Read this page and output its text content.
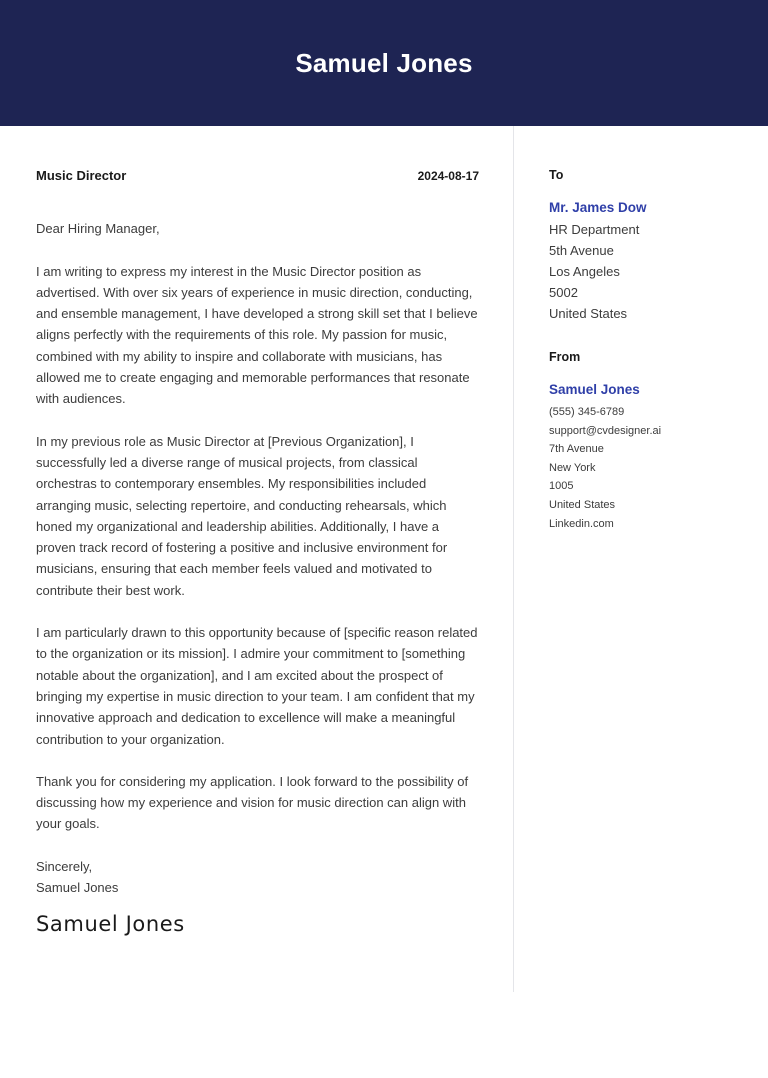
Samuel Jones
Music Director	2024-08-17

Dear Hiring Manager,

I am writing to express my interest in the Music Director position as advertised. With over six years of experience in music direction, conducting, and ensemble management, I have developed a strong skill set that I believe aligns perfectly with the requirements of this role. My passion for music, combined with my ability to inspire and collaborate with musicians, has allowed me to create engaging and memorable performances that resonate with audiences.

In my previous role as Music Director at [Previous Organization], I successfully led a diverse range of musical projects, from classical orchestras to contemporary ensembles. My responsibilities included arranging music, selecting repertoire, and conducting rehearsals, which honed my organizational and leadership abilities. Additionally, I have a proven track record of fostering a positive and inclusive environment for musicians, ensuring that each member feels valued and motivated to contribute their best work.

I am particularly drawn to this opportunity because of [specific reason related to the organization or its mission]. I admire your commitment to [something notable about the organization], and I am excited about the prospect of bringing my expertise in music direction to your team. I am confident that my innovative approach and dedication to excellence will make a meaningful contribution to your organization.

Thank you for considering my application. I look forward to the possibility of discussing how my experience and vision for music direction can align with your goals.

Sincerely,

Samuel Jones

Samuel Jones
To
Mr. James Dow

HR Department

5th Avenue

Los Angeles

5002

United States

From
Samuel Jones

(555) 345-6789

support@cvdesigner.ai

7th Avenue

New York

1005

United States

Linkedin.com
